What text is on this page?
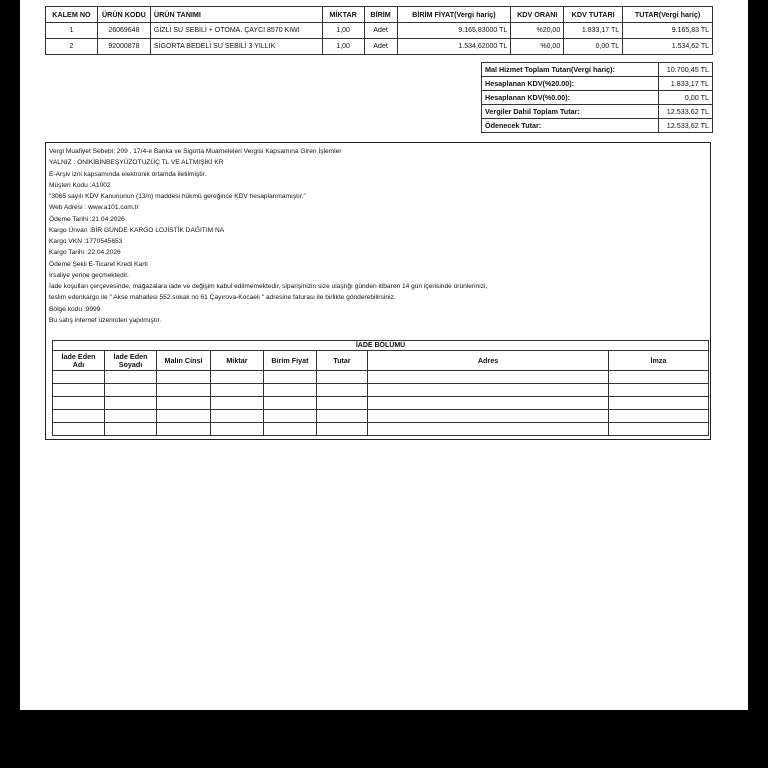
KALEM NO	ÜRÜN KODU	ÜRÜN TANIMI	MİKTAR	BİRİM	BİRİM FİYAT(Vergi hariç)	KDV ORANI	KDV TUTARI	TUTAR(Vergi hariç)
1	26069648	GİZLİ SU SEBİLİ + OTOMA. ÇAYCI 8570 KIWI	1,00	Adet	9.165,83000 TL	%20,00	1.833,17 TL	9.165,83 TL
2	92000878	SİGORTA BEDELİ SU SEBİLİ 3 YILLIK	1,00	Adet	1.534,62000 TL	%0,00	0,00 TL	1.534,62 TL
Mal Hizmet Toplam Tutarı(Vergi hariç):	10.700,45 TL
Hesaplanan KDV(%20.00):	1.833,17 TL
Hesaplanan KDV(%0.00):	0,00 TL
Vergiler Dahil Toplam Tutar:	12.533,62 TL
Ödenecek Tutar:	12.533,62 TL
Vergi Muafiyet Sebebi: 209 , 17/4-e Banka ve Sigorta Muameleleri Vergisi Kapsamına Giren İşlemler
YALNIZ : ONİKİBİNBEŞYÜZOTUZÜÇ TL VE ALTMIŞİKİ KR
E-Arşiv izni kapsamında elektronik ortamda iletilmiştir.
Müşteri Kodu :A1002
"3065 sayılı KDV Kanununun (13/n) maddesi hükmü gereğince KDV hesaplanmamıştır."
Web Adresi : www.a101.com.tr
Ödeme Tarihi :21.04.2026
Kargo Ünvan :BİR GÜNDE KARGO LOJİSTİK DAĞITIM NA
Kargo VKN :1770545653
Kargo Tarihi :22.04.2026
Ödeme Şekli E-Ticaret Kredi Karti
İrsaliye yerine geçmektedir.
İade koşulları çerçevesinde, mağazalara iade ve değişim kabul edilmemektedir, siparişinizin size ulaştığı günden itibaren 14 gün içerisinde ürünlerinizi,
teslim edenkargo ile " Akse mahallesi 552.sokak no 61 Çayırova-Kocaeli " adresine faturası ile birlikte gönderebilirsiniz.
Bölge kodu :9999
Bu satış internet üzerinden yapılmıştır.
İADE BÖLÜMÜ							
İade Eden Adı	İade Eden Soyadı	Malın Cinsi	Miktar	Birim Fiyat	Tutar	Adres	İmza
